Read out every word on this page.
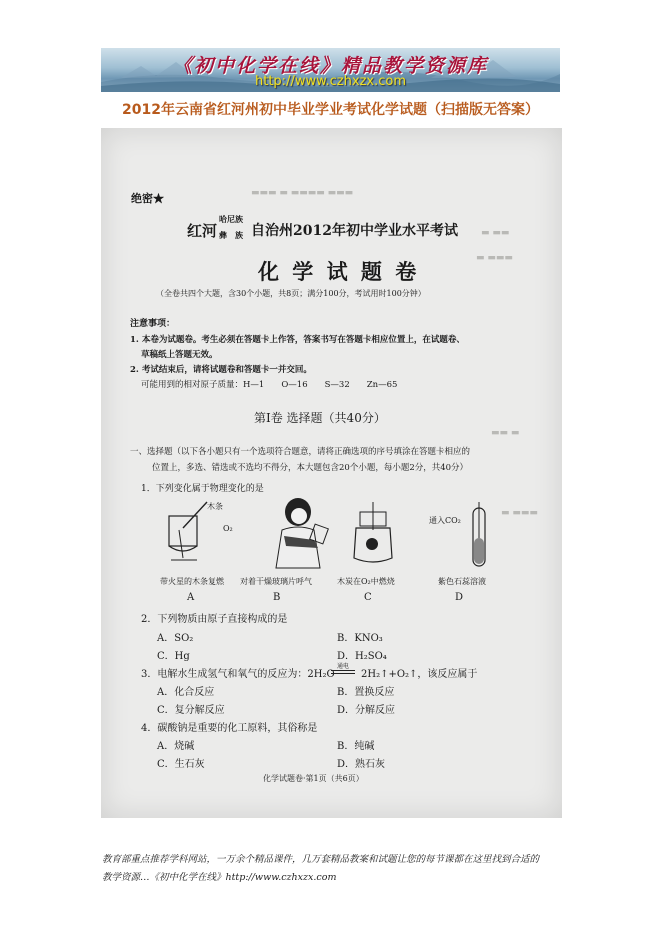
《初中化学在线》精品教学资源库
http://www.czhxzx.com
2012年云南省红河州初中毕业学业考试化学试题（扫描版无答案）
▬▬▬ ▬ ▬▬▬▬ ▬▬▬
▬ ▬▬
▬ ▬▬▬
▬▬ ▬
▬ ▬▬▬
绝密★
红河
哈尼族
彝　族 自治州2012年初中学业水平考试
化 学 试 题 卷
（全卷共四个大题，含30个小题，共8页；满分100分，考试用时100分钟）
注意事项：
1. 本卷为试题卷。考生必须在答题卡上作答，答案书写在答题卡相应位置上，在试题卷、
草稿纸上答题无效。
2. 考试结束后，请将试题卷和答题卡一并交回。
可能用到的相对原子质量：H—1　　O—16　　S—32　　Zn—65
第Ⅰ卷 选择题（共40分）
一、选择题（以下各小题只有一个选项符合题意，请将正确选项的序号填涂在答题卡相应的
位置上，多选、错选或不选均不得分，本大题包含20个小题，每小题2分，共40分）
1．下列变化属于物理变化的是
木条
O₂
通入CO₂
带火星的木条复燃 对着干燥玻璃片呼气	木炭在O₂中燃烧	紫色石蕊溶液
A	B	C	D
2．下列物质由原子直接构成的是
A．SO₂	B．KNO₃
C．Hg	D．H₂SO₄
3．电解水生成氢气和氧气的反应为：2H₂O
通电
2H₂↑+O₂↑，该反应属于
A．化合反应	B．置换反应
C．复分解反应	D．分解反应
4．碳酸钠是重要的化工原料，其俗称是
A．烧碱	B．纯碱
C．生石灰	D．熟石灰
化学试题卷·第1页（共6页）
教育部重点推荐学科网站，一万余个精品课件，几万套精品教案和试题让您的每节课都在这里找到合适的
教学资源…《初中化学在线》http://www.czhxzx.com
